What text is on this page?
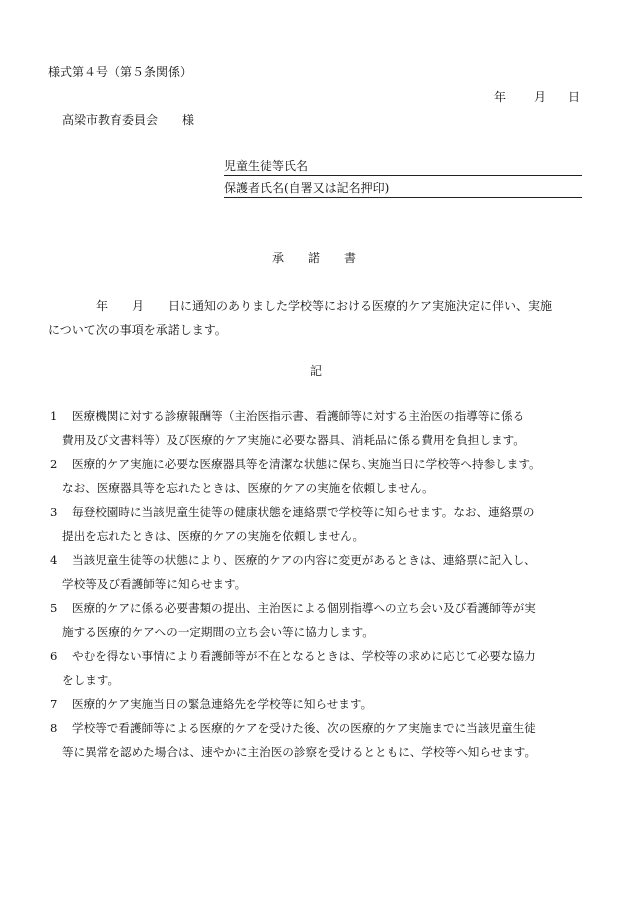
様式第４号（第５条関係）
年 月 日
高梁市教育委員会　　様
児童生徒等氏名
保護者氏名(自署又は記名押印)
承　　諾　　書
年　　月　　日に通知のありました学校等における医療的ケア実施決定に伴い、実施
について次の事項を承諾します。
記
1	医療機関に対する診療報酬等（主治医指示書、看護師等に対する主治医の指導等に係る
費用及び文書料等）及び医療的ケア実施に必要な器具、消耗品に係る費用を負担します。
2	医療的ケア実施に必要な医療器具等を清潔な状態に保ち､実施当日に学校等へ持参します。
なお、医療器具等を忘れたときは、医療的ケアの実施を依頼しません。
3	毎登校園時に当該児童生徒等の健康状態を連絡票で学校等に知らせます。なお、連絡票の
提出を忘れたときは、医療的ケアの実施を依頼しません。
4	当該児童生徒等の状態により、医療的ケアの内容に変更があるときは、連絡票に記入し、
学校等及び看護師等に知らせます。
5	医療的ケアに係る必要書類の提出、主治医による個別指導への立ち会い及び看護師等が実
施する医療的ケアへの一定期間の立ち会い等に協力します。
6	やむを得ない事情により看護師等が不在となるときは、学校等の求めに応じて必要な協力
をします。
7	医療的ケア実施当日の緊急連絡先を学校等に知らせます。
8	学校等で看護師等による医療的ケアを受けた後、次の医療的ケア実施までに当該児童生徒
等に異常を認めた場合は、速やかに主治医の診察を受けるとともに、学校等へ知らせます。
